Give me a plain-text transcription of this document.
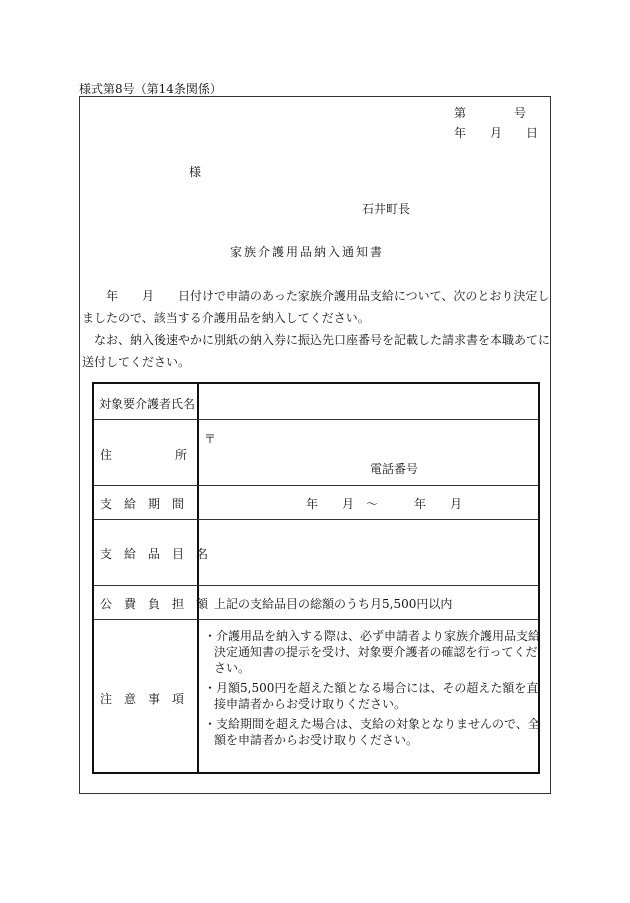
様式第8号（第14条関係）
第　　　　号
年　　月　　日
様
石井町長
家族介護用品納入通知書
　　年　　月　　日付けで申請のあった家族介護用品支給について、次のとおり決定しましたので、該当する介護用品を納入してください。
　なお、納入後速やかに別紙の納入券に振込先口座番号を記載した請求書を本職あてに送付してください。
対象要介護者氏名
住　　　　所
〒
電話番号
支　給　期　間	年　　月　〜　　　年　　月
支　給　品　目　名
公　費　負　担　額 上記の支給品目の総額のうち月5,500円以内
注　意　事　項
・介護用品を納入する際は、必ず申請者より家族介護用品支給決定通知書の提示を受け、対象要介護者の確認を行ってください。
・月額5,500円を超えた額となる場合には、その超えた額を直接申請者からお受け取りください。
・支給期間を超えた場合は、支給の対象となりませんので、全額を申請者からお受け取りください。
